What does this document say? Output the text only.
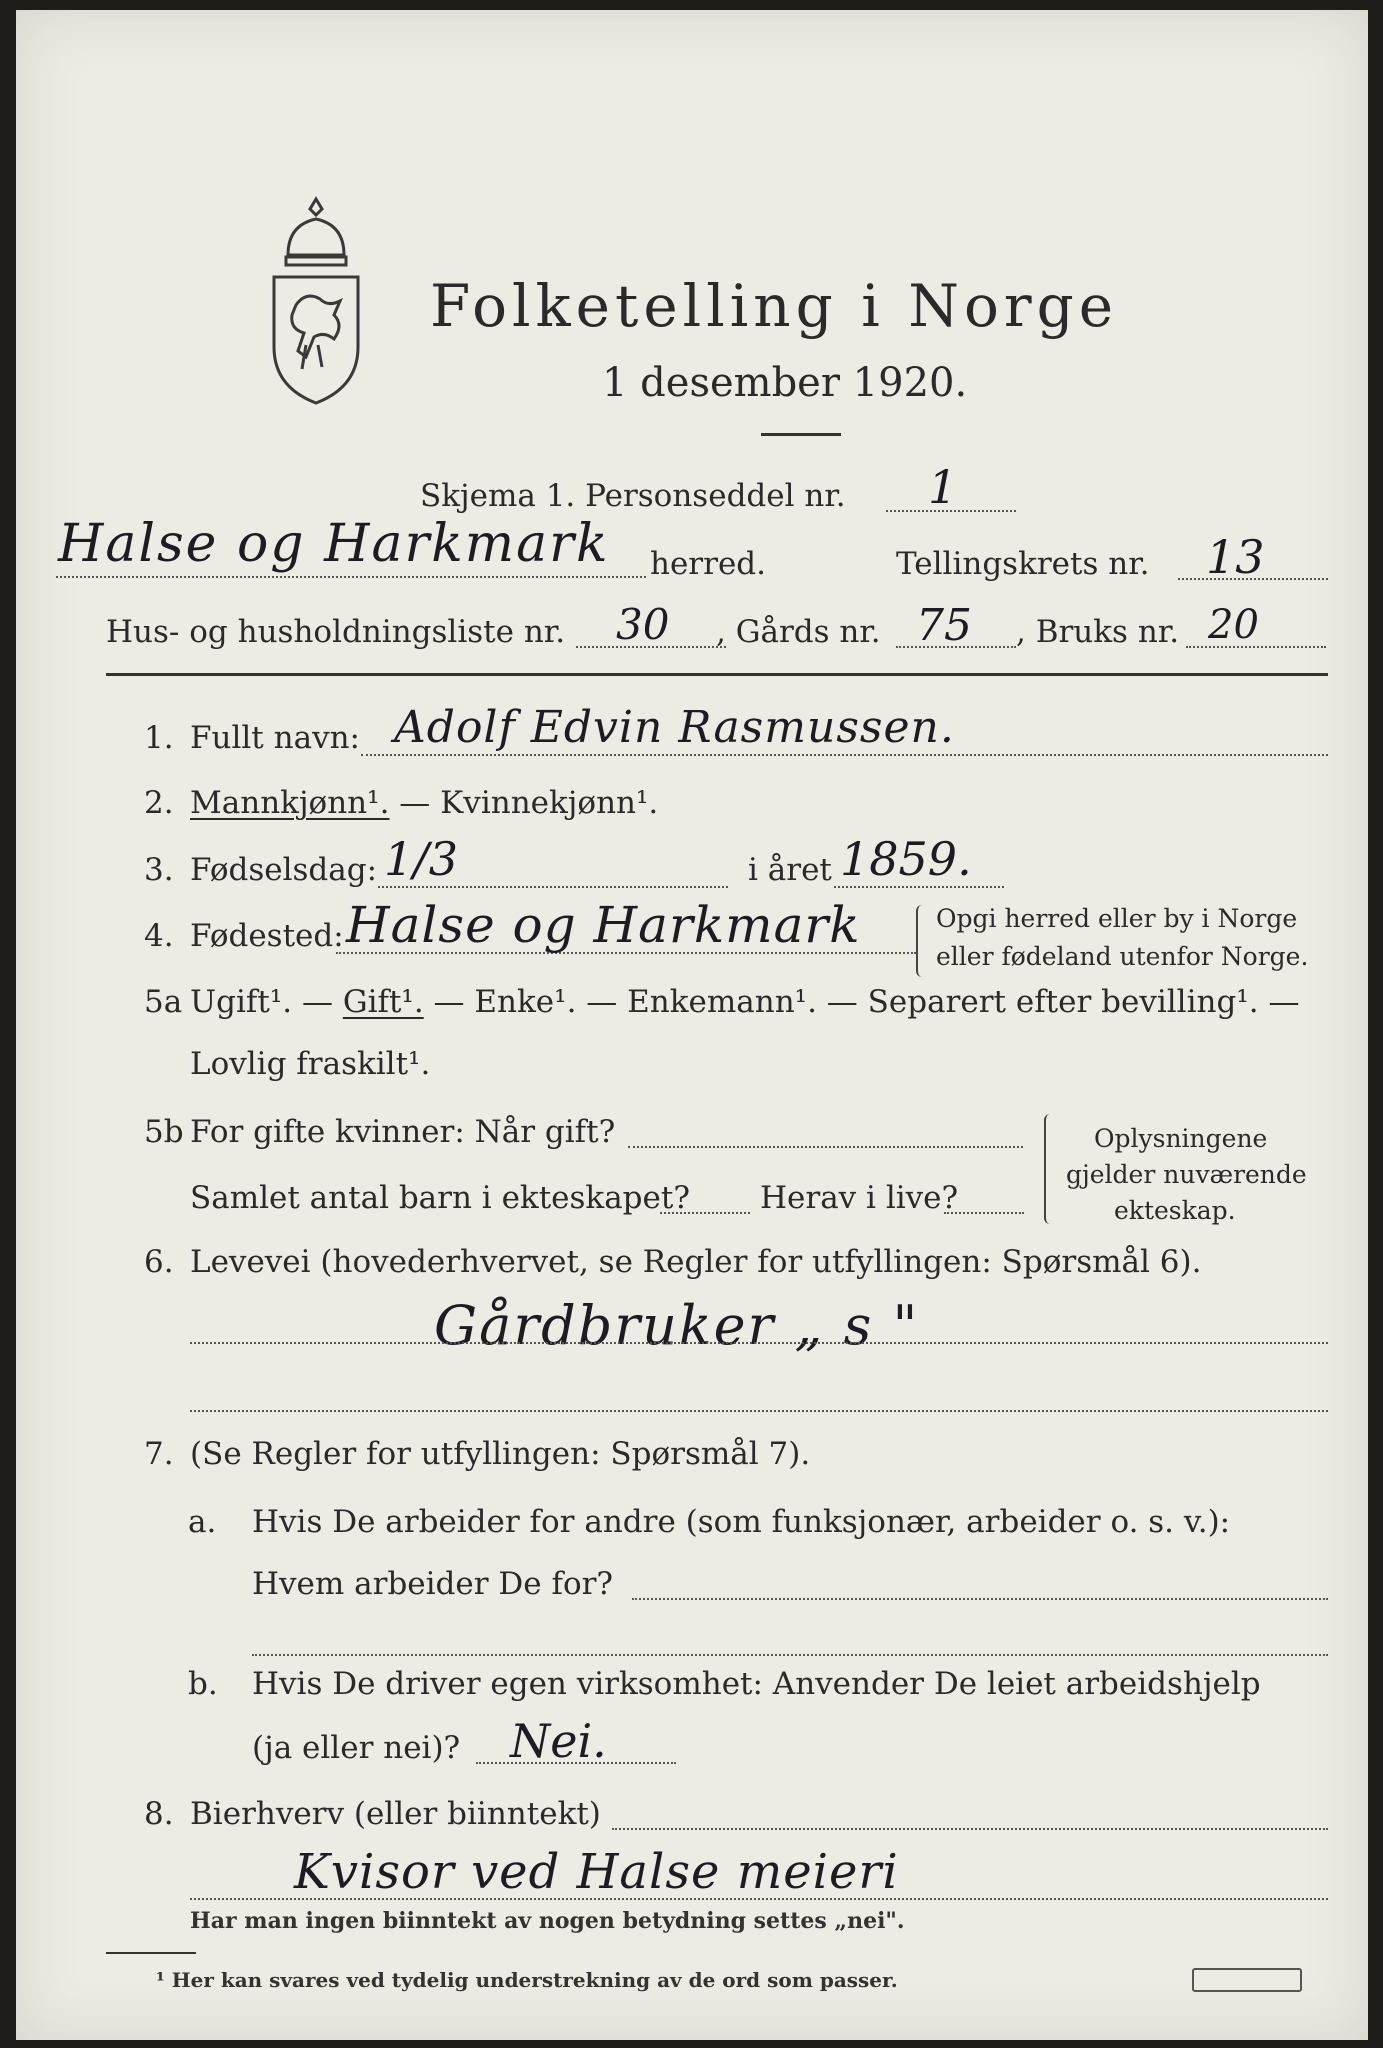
Folketelling i Norge
1 desember 1920.
Skjema 1. Personseddel nr. 1
Halse og Harkmark herred.	Tellingskrets nr. 13
Hus- og husholdningsliste nr. 30 , Gårds nr. 75 , Bruks nr. 20
1. Fullt navn: Adolf Edvin Rasmussen.
2. Mannkjønn¹. — Kvinnekjønn¹.
3. Fødselsdag: 1/3	i året 1859.
4. Fødested: Halse og Harkmark	Opgi herred eller by i Norge
eller fødeland utenfor Norge.
5a Ugift¹. — Gift¹. — Enke¹. — Enkemann¹. — Separert efter bevilling¹. —
Lovlig fraskilt¹.
5b For gifte kvinner: Når gift?
Samlet antal barn i ekteskapet? Herav i live?
Oplysningene
gjelder nuværende
ekteskap.
6. Levevei (hovederhvervet, se Regler for utfyllingen: Spørsmål 6).
Gårdbruker „ s "
7. (Se Regler for utfyllingen: Spørsmål 7).
a. Hvis De arbeider for andre (som funksjonær, arbeider o. s. v.):
Hvem arbeider De for?
b. Hvis De driver egen virksomhet: Anvender De leiet arbeidshjelp
(ja eller nei)? Nei.
8. Bierhverv (eller biinntekt)
Kvisor ved Halse meieri
Har man ingen biinntekt av nogen betydning settes „nei".
¹ Her kan svares ved tydelig understrekning av de ord som passer.
